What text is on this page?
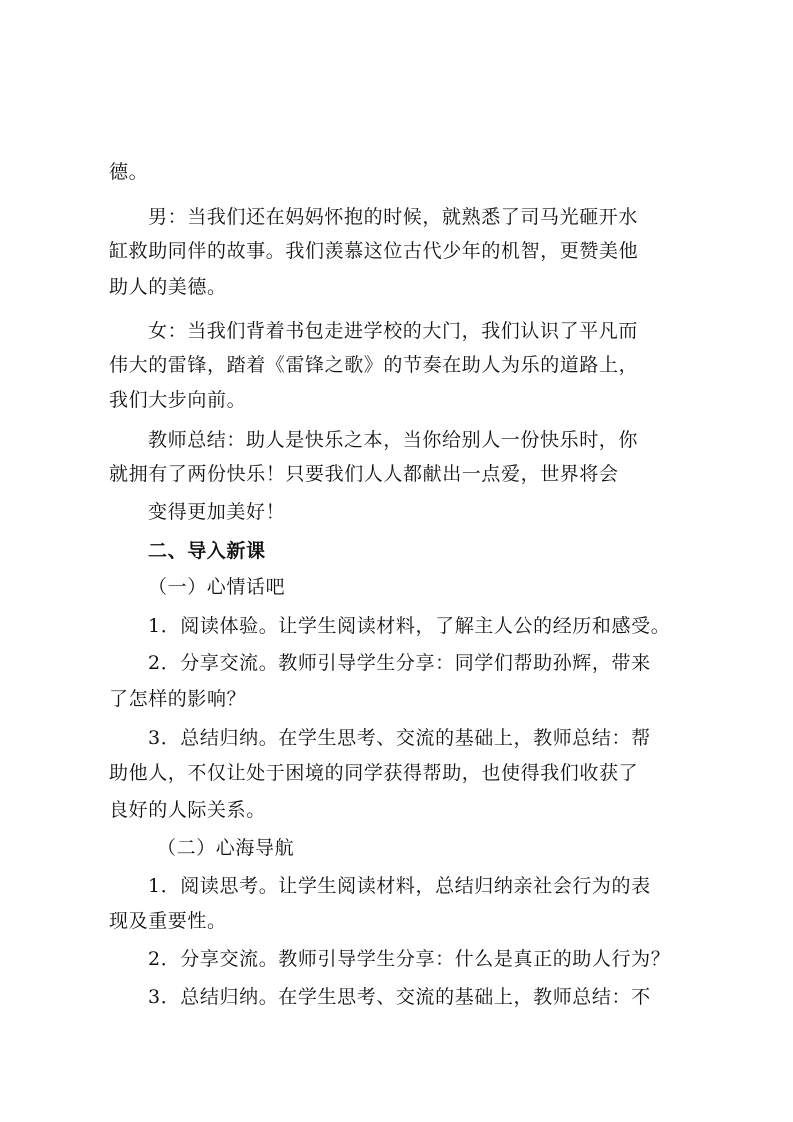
德。
男：当我们还在妈妈怀抱的时候，就熟悉了司马光砸开水
缸救助同伴的故事。我们羡慕这位古代少年的机智，更赞美他
助人的美德。
女：当我们背着书包走进学校的大门，我们认识了平凡而
伟大的雷锋，踏着《雷锋之歌》的节奏在助人为乐的道路上，
我们大步向前。
教师总结：助人是快乐之本，当你给别人一份快乐时，你
就拥有了两份快乐！只要我们人人都献出一点爱，世界将会
变得更加美好！
二、导入新课
（一）心情话吧
1．阅读体验。让学生阅读材料，了解主人公的经历和感受。
2．分享交流。教师引导学生分享：同学们帮助孙辉，带来
了怎样的影响？
3．总结归纳。在学生思考、交流的基础上，教师总结：帮
助他人，不仅让处于困境的同学获得帮助，也使得我们收获了
良好的人际关系。
（二）心海导航
1．阅读思考。让学生阅读材料，总结归纳亲社会行为的表
现及重要性。
2．分享交流。教师引导学生分享：什么是真正的助人行为？
3．总结归纳。在学生思考、交流的基础上，教师总结：不
